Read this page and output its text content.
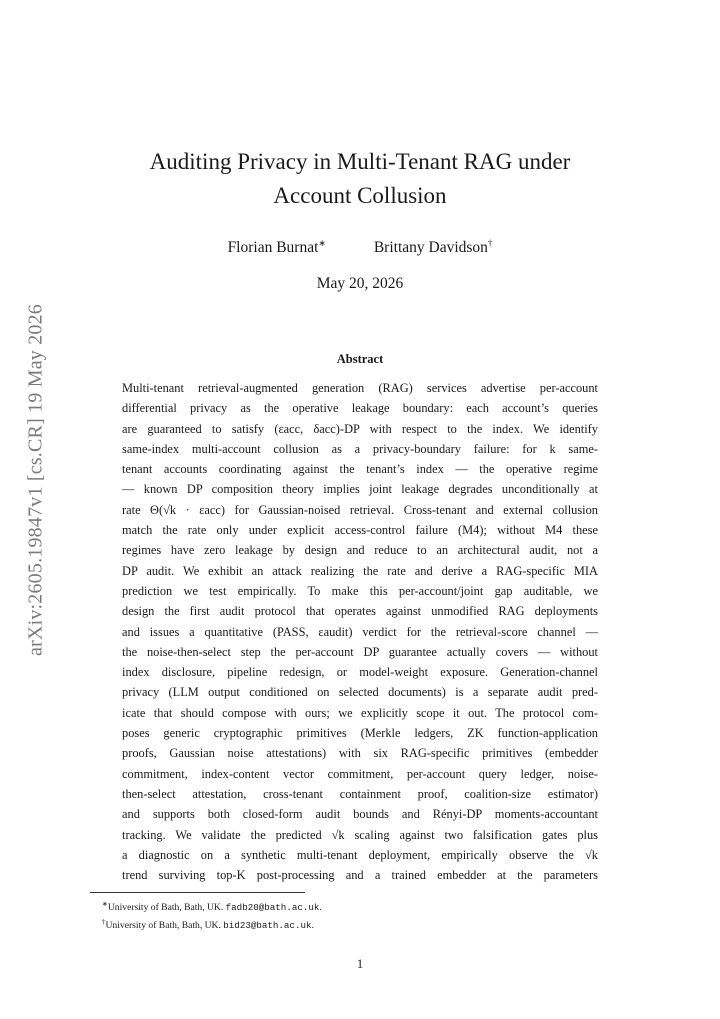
arXiv:2605.19847v1 [cs.CR] 19 May 2026
Auditing Privacy in Multi-Tenant RAG under
Account Collusion
Florian Burnat∗	Brittany Davidson†
May 20, 2026
Abstract
Multi-tenant retrieval-augmented generation (RAG) services advertise per-account
differential privacy as the operative leakage boundary: each account’s queries
are guaranteed to satisfy (εacc, δacc)-DP with respect to the index. We identify
same-index multi-account collusion as a privacy-boundary failure: for k same-
tenant accounts coordinating against the tenant’s index — the operative regime
— known DP composition theory implies joint leakage degrades unconditionally at
rate Θ(√k · εacc) for Gaussian-noised retrieval. Cross-tenant and external collusion
match the rate only under explicit access-control failure (M4); without M4 these
regimes have zero leakage by design and reduce to an architectural audit, not a
DP audit. We exhibit an attack realizing the rate and derive a RAG-specific MIA
prediction we test empirically. To make this per-account/joint gap auditable, we
design the first audit protocol that operates against unmodified RAG deployments
and issues a quantitative (PASS, εaudit) verdict for the retrieval-score channel —
the noise-then-select step the per-account DP guarantee actually covers — without
index disclosure, pipeline redesign, or model-weight exposure. Generation-channel
privacy (LLM output conditioned on selected documents) is a separate audit pred-
icate that should compose with ours; we explicitly scope it out. The protocol com-
poses generic cryptographic primitives (Merkle ledgers, ZK function-application
proofs, Gaussian noise attestations) with six RAG-specific primitives (embedder
commitment, index-content vector commitment, per-account query ledger, noise-
then-select attestation, cross-tenant containment proof, coalition-size estimator)
and supports both closed-form audit bounds and Rényi-DP moments-accountant
tracking. We validate the predicted √k scaling against two falsification gates plus
a diagnostic on a synthetic multi-tenant deployment, empirically observe the √k
trend surviving top-K post-processing and a trained embedder at the parameters
∗University of Bath, Bath, UK. fadb20@bath.ac.uk.
†University of Bath, Bath, UK. bid23@bath.ac.uk.
1
